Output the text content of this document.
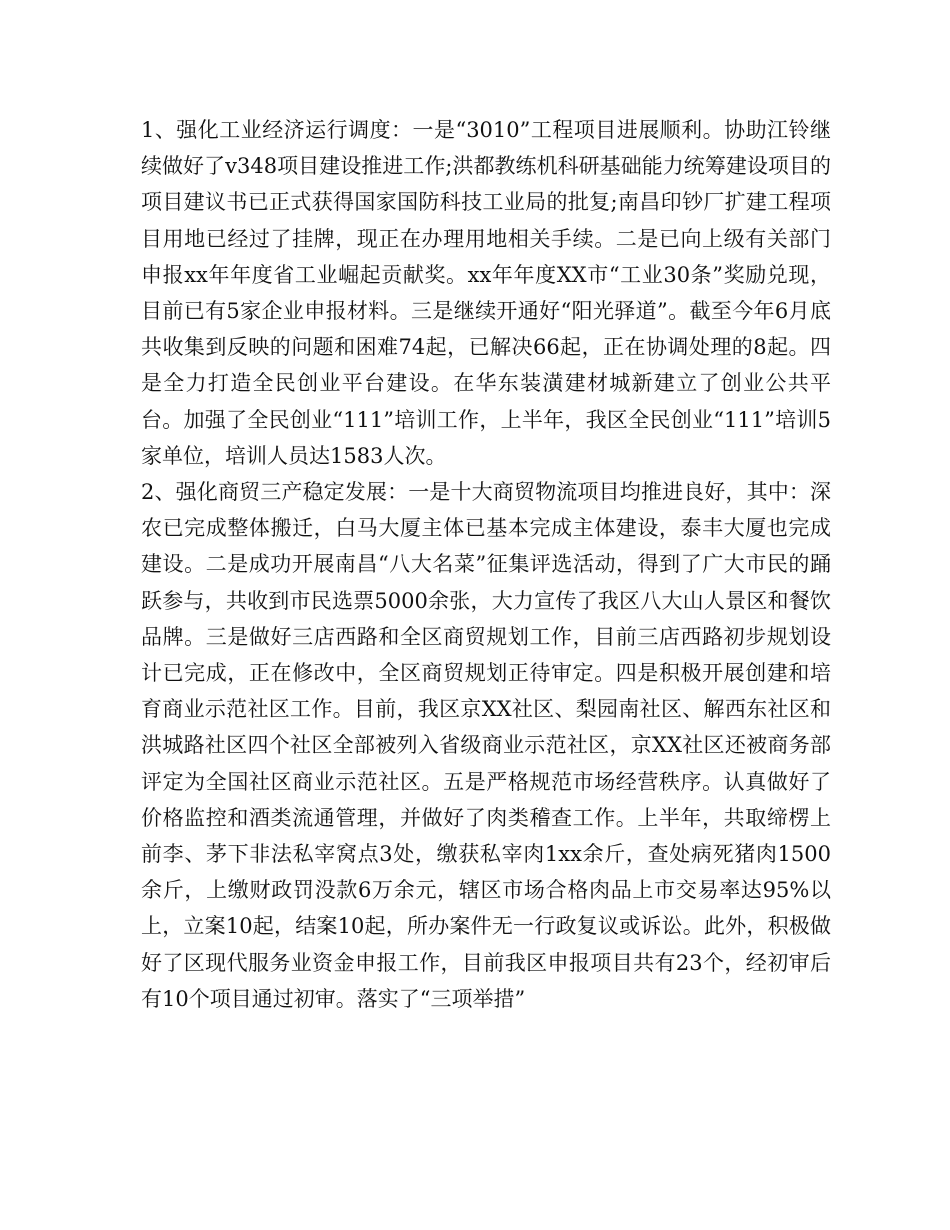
1、强化工业经济运行调度：一是“3010”工程项目进展顺利。协助江铃继续做好了v348项目建设推进工作;洪都教练机科研基础能力统筹建设项目的项目建议书已正式获得国家国防科技工业局的批复;南昌印钞厂扩建工程项目用地已经过了挂牌，现正在办理用地相关手续。二是已向上级有关部门申报xx年年度省工业崛起贡献奖。xx年年度XX市“工业30条”奖励兑现，目前已有5家企业申报材料。三是继续开通好“阳光驿道”。截至今年6月底共收集到反映的问题和困难74起，已解决66起，正在协调处理的8起。四是全力打造全民创业平台建设。在华东装潢建材城新建立了创业公共平台。加强了全民创业“111”培训工作，上半年，我区全民创业“111”培训5家单位，培训人员达1583人次。

2、强化商贸三产稳定发展：一是十大商贸物流项目均推进良好，其中：深农已完成整体搬迁，白马大厦主体已基本完成主体建设，泰丰大厦也完成建设。二是成功开展南昌“八大名菜”征集评选活动，得到了广大市民的踊跃参与，共收到市民选票5000余张，大力宣传了我区八大山人景区和餐饮品牌。三是做好三店西路和全区商贸规划工作，目前三店西路初步规划设计已完成，正在修改中，全区商贸规划正待审定。四是积极开展创建和培育商业示范社区工作。目前，我区京XX社区、梨园南社区、解西东社区和洪城路社区四个社区全部被列入省级商业示范社区，京XX社区还被商务部评定为全国社区商业示范社区。五是严格规范市场经营秩序。认真做好了价格监控和酒类流通管理，并做好了肉类稽查工作。上半年，共取缔楞上前李、茅下非法私宰窝点3处，缴获私宰肉1xx余斤，查处病死猪肉1500余斤，上缴财政罚没款6万余元，辖区市场合格肉品上市交易率达95%以上，立案10起，结案10起，所办案件无一行政复议或诉讼。此外，积极做好了区现代服务业资金申报工作，目前我区申报项目共有23个，经初审后有10个项目通过初审。落实了“三项举措”
